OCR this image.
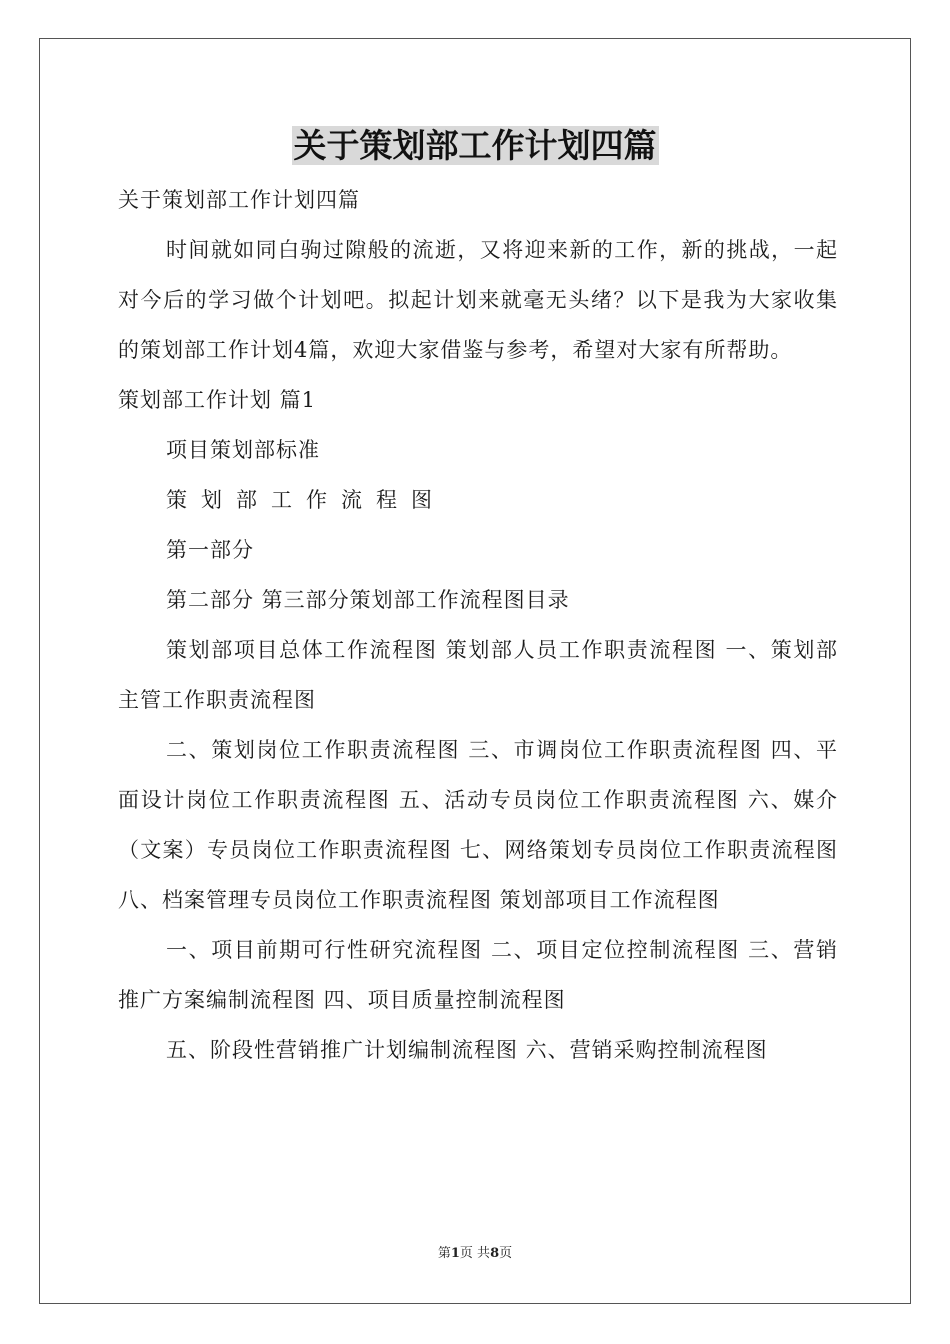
关于策划部工作计划四篇

关于策划部工作计划四篇

时间就如同白驹过隙般的流逝，又将迎来新的工作，新的挑战，一起对今后的学习做个计划吧。拟起计划来就毫无头绪？以下是我为大家收集的策划部工作计划4篇，欢迎大家借鉴与参考，希望对大家有所帮助。

策划部工作计划 篇1

项目策划部标准

策划部工作流程图

第一部分

第二部分 第三部分策划部工作流程图目录

策划部项目总体工作流程图 策划部人员工作职责流程图 一、策划部主管工作职责流程图

二、策划岗位工作职责流程图 三、市调岗位工作职责流程图 四、平面设计岗位工作职责流程图 五、活动专员岗位工作职责流程图 六、媒介（文案）专员岗位工作职责流程图 七、网络策划专员岗位工作职责流程图 八、档案管理专员岗位工作职责流程图 策划部项目工作流程图

一、项目前期可行性研究流程图 二、项目定位控制流程图 三、营销推广方案编制流程图 四、项目质量控制流程图

五、阶段性营销推广计划编制流程图 六、营销采购控制流程图

第1页 共8页
